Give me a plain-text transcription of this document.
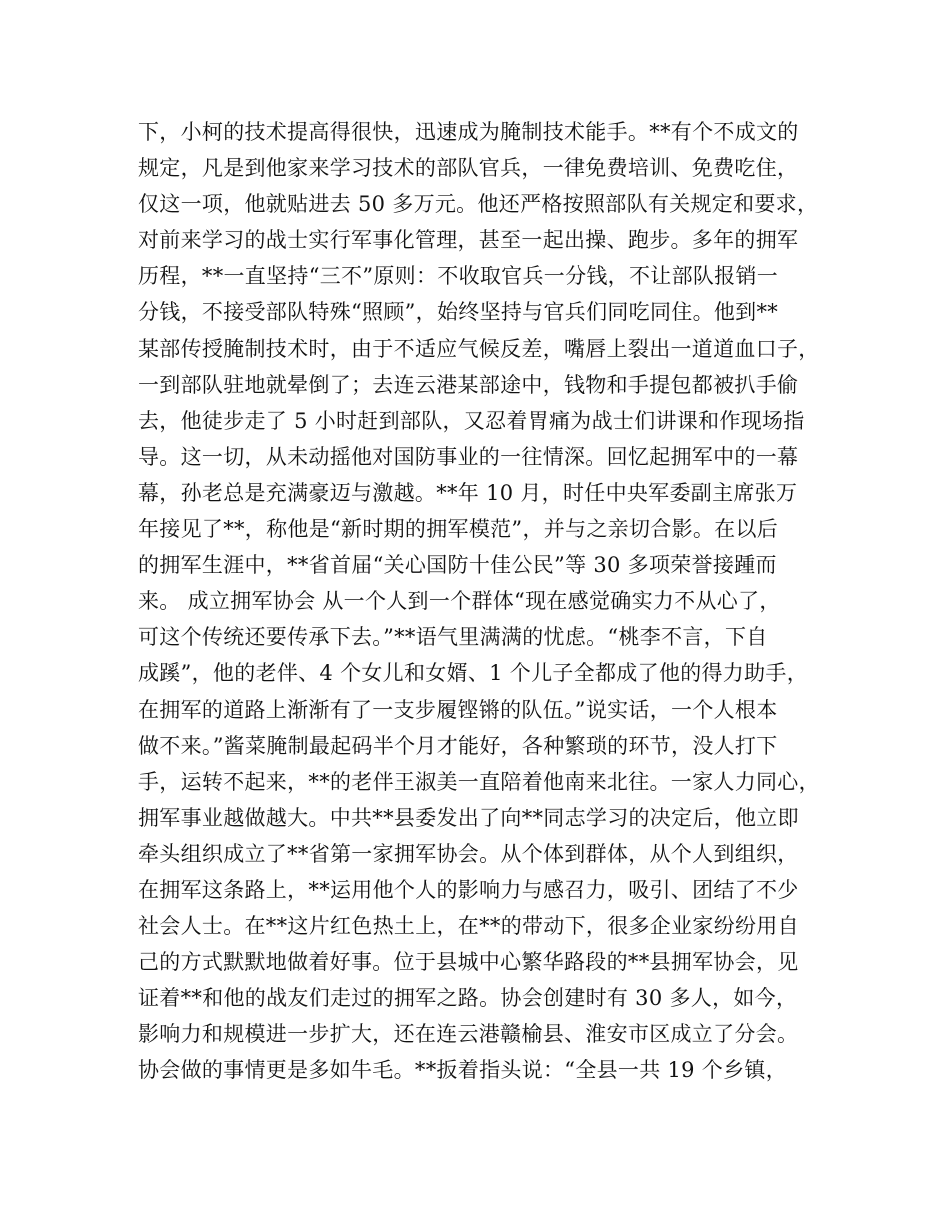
下，小柯的技术提高得很快，迅速成为腌制技术能手。**有个不成文的
规定，凡是到他家来学习技术的部队官兵，一律免费培训、免费吃住，
仅这一项，他就贴进去 50 多万元。他还严格按照部队有关规定和要求，
对前来学习的战士实行军事化管理，甚至一起出操、跑步。多年的拥军
历程，**一直坚持“三不”原则：不收取官兵一分钱，不让部队报销一
分钱，不接受部队特殊“照顾”，始终坚持与官兵们同吃同住。他到**
某部传授腌制技术时，由于不适应气候反差，嘴唇上裂出一道道血口子，
一到部队驻地就晕倒了；去连云港某部途中，钱物和手提包都被扒手偷
去，他徒步走了 5 小时赶到部队，又忍着胃痛为战士们讲课和作现场指
导。这一切，从未动摇他对国防事业的一往情深。回忆起拥军中的一幕
幕，孙老总是充满豪迈与激越。**年 10 月，时任中央军委副主席张万
年接见了**，称他是“新时期的拥军模范”，并与之亲切合影。在以后
的拥军生涯中，**省首届“关心国防十佳公民”等 30 多项荣誉接踵而
来。 成立拥军协会 从一个人到一个群体“现在感觉确实力不从心了，
可这个传统还要传承下去。”**语气里满满的忧虑。“桃李不言，下自
成蹊”，他的老伴、4 个女儿和女婿、1 个儿子全都成了他的得力助手，
在拥军的道路上渐渐有了一支步履铿锵的队伍。”说实话，一个人根本
做不来。”酱菜腌制最起码半个月才能好，各种繁琐的环节，没人打下
手，运转不起来，**的老伴王淑美一直陪着他南来北往。一家人力同心，
拥军事业越做越大。中共**县委发出了向**同志学习的决定后，他立即
牵头组织成立了**省第一家拥军协会。从个体到群体，从个人到组织，
在拥军这条路上，**运用他个人的影响力与感召力，吸引、团结了不少
社会人士。在**这片红色热土上，在**的带动下，很多企业家纷纷用自
己的方式默默地做着好事。位于县城中心繁华路段的**县拥军协会，见
证着**和他的战友们走过的拥军之路。协会创建时有 30 多人，如今，
影响力和规模进一步扩大，还在连云港赣榆县、淮安市区成立了分会。
协会做的事情更是多如牛毛。**扳着指头说：“全县一共 19 个乡镇，
